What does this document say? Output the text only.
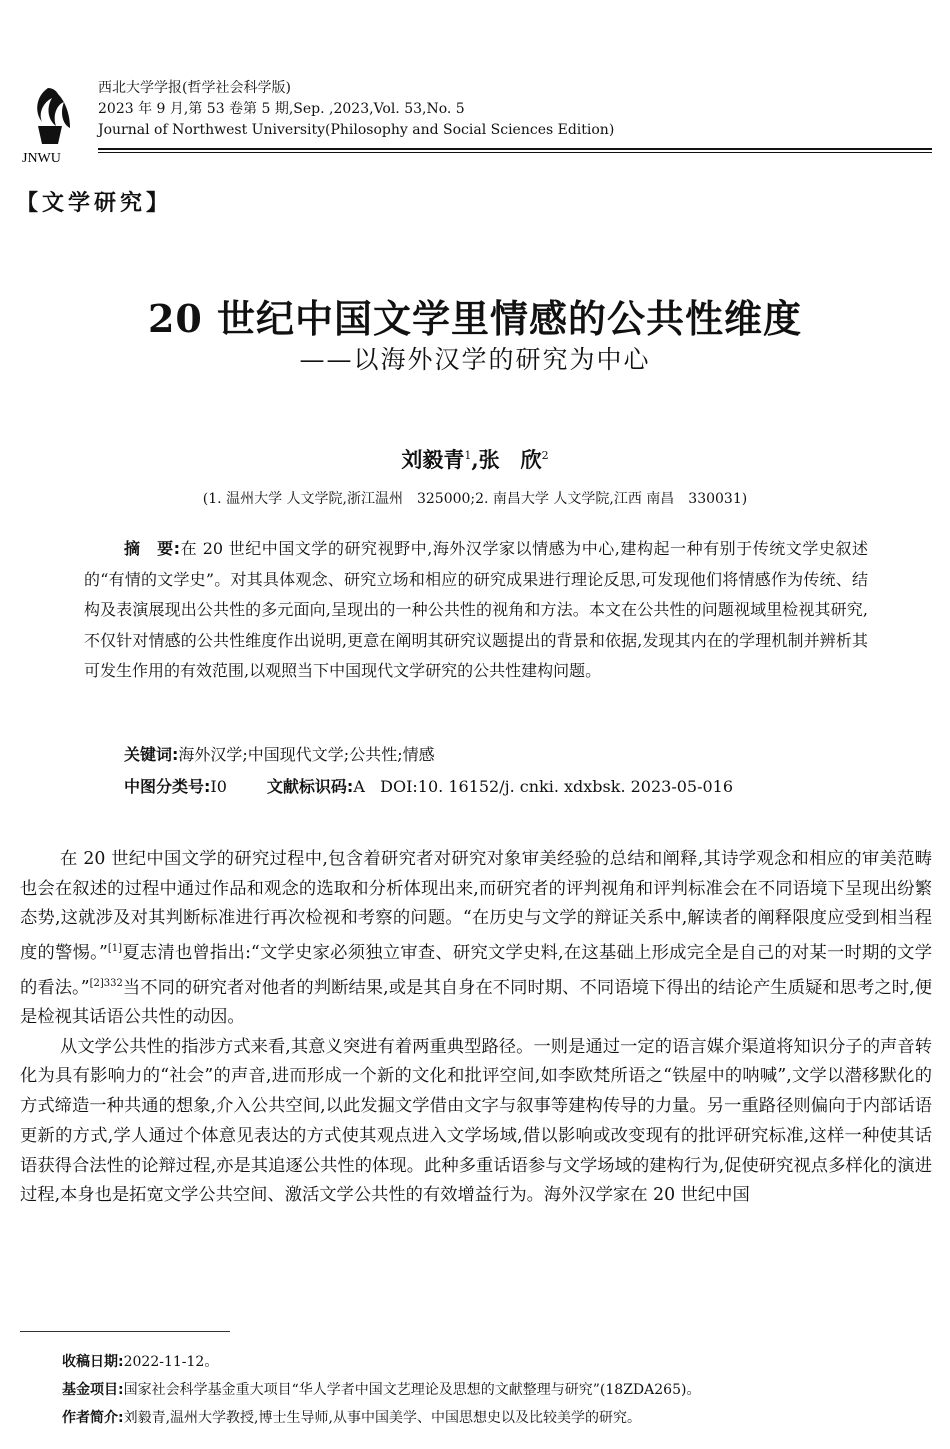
JNWU
西北大学学报(哲学社会科学版)
2023 年 9 月,第 53 卷第 5 期,Sep. ,2023,Vol. 53,No. 5
Journal of Northwest University(Philosophy and Social Sciences Edition)
【文学研究】
20 世纪中国文学里情感的公共性维度
——以海外汉学的研究为中心
刘毅青$^1$,张　欣$^2$
(1. 温州大学 人文学院,浙江温州　325000;2. 南昌大学 人文学院,江西 南昌　330031)
摘　要:在 20 世纪中国文学的研究视野中,海外汉学家以情感为中心,建构起一种有别于传统文学史叙述的“有情的文学史”。对其具体观念、研究立场和相应的研究成果进行理论反思,可发现他们将情感作为传统、结构及表演展现出公共性的多元面向,呈现出的一种公共性的视角和方法。本文在公共性的问题视域里检视其研究,不仅针对情感的公共性维度作出说明,更意在阐明其研究议题提出的背景和依据,发现其内在的学理机制并辨析其可发生作用的有效范围,以观照当下中国现代文学研究的公共性建构问题。
关键词:海外汉学;中国现代文学;公共性;情感
中图分类号:I0	文献标识码:A DOI:10. 16152/j. cnki. xdxbsk. 2023-05-016

在 20 世纪中国文学的研究过程中,包含着研究者对研究对象审美经验的总结和阐释,其诗学观念和相应的审美范畴也会在叙述的过程中通过作品和观念的选取和分析体现出来,而研究者的评判视角和评判标准会在不同语境下呈现出纷繁态势,这就涉及对其判断标准进行再次检视和考察的问题。“在历史与文学的辩证关系中,解读者的阐释限度应受到相当程度的警惕。”[1]夏志清也曾指出:“文学史家必须独立审查、研究文学史料,在这基础上形成完全是自己的对某一时期的文学的看法。”$^{[2]332}$当不同的研究者对他者的判断结果,或是其自身在不同时期、不同语境下得出的结论产生质疑和思考之时,便是检视其话语公共性的动因。

从文学公共性的指涉方式来看,其意义突进有着两重典型路径。一则是通过一定的语言媒介渠道将知识分子的声音转化为具有影响力的“社会”的声音,进而形成一个新的文化和批评空间,如李欧梵所语之“铁屋中的呐喊”,文学以潜移默化的方式缔造一种共通的想象,介入公共空间,以此发掘文学借由文字与叙事等建构传导的力量。另一重路径则偏向于内部话语更新的方式,学人通过个体意见表达的方式使其观点进入文学场域,借以影响或改变现有的批评研究标准,这样一种使其话语获得合法性的论辩过程,亦是其追逐公共性的体现。此种多重话语参与文学场域的建构行为,促使研究视点多样化的演进过程,本身也是拓宽文学公共空间、激活文学公共性的有效增益行为。海外汉学家在 20 世纪中国

收稿日期:2022-11-12。
基金项目:国家社会科学基金重大项目“华人学者中国文艺理论及思想的文献整理与研究”(18ZDA265)。
作者简介:刘毅青,温州大学教授,博士生导师,从事中国美学、中国思想史以及比较美学的研究。
